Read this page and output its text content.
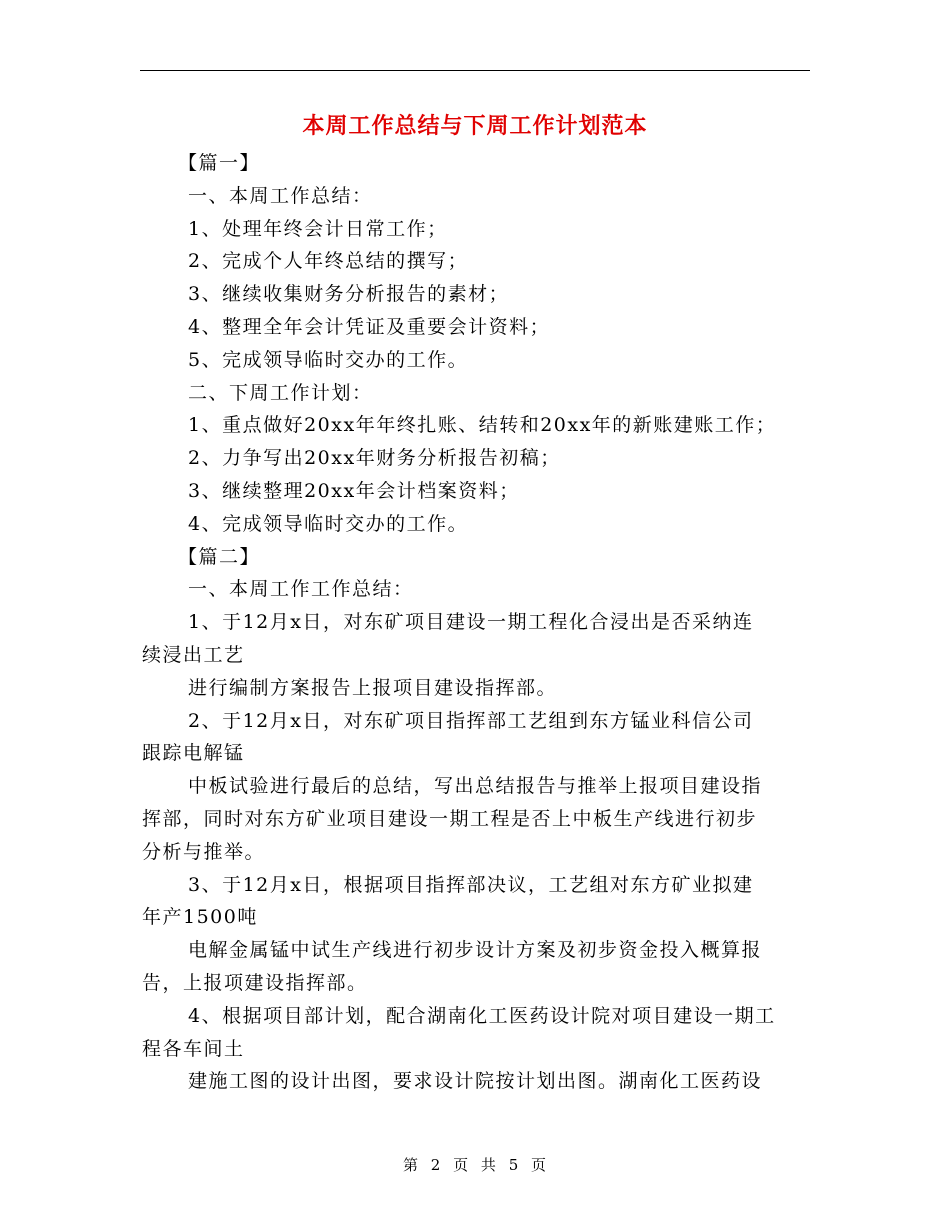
本周工作总结与下周工作计划范本

【篇一】

一、本周工作总结：

1、处理年终会计日常工作；

2、完成个人年终总结的撰写；

3、继续收集财务分析报告的素材；

4、整理全年会计凭证及重要会计资料；

5、完成领导临时交办的工作。

二、下周工作计划：

1、重点做好20xx年年终扎账、结转和20xx年的新账建账工作；

2、力争写出20xx年财务分析报告初稿；

3、继续整理20xx年会计档案资料；

4、完成领导临时交办的工作。

【篇二】

一、本周工作工作总结：

1、于12月x日，对东矿项目建设一期工程化合浸出是否采纳连

续浸出工艺

进行编制方案报告上报项目建设指挥部。

2、于12月x日，对东矿项目指挥部工艺组到东方锰业科信公司

跟踪电解锰

中板试验进行最后的总结，写出总结报告与推举上报项目建设指

挥部，同时对东方矿业项目建设一期工程是否上中板生产线进行初步

分析与推举。

3、于12月x日，根据项目指挥部决议，工艺组对东方矿业拟建

年产1500吨

电解金属锰中试生产线进行初步设计方案及初步资金投入概算报

告，上报项建设指挥部。

4、根据项目部计划，配合湖南化工医药设计院对项目建设一期工

程各车间土

建施工图的设计出图，要求设计院按计划出图。湖南化工医药设

第 2 页 共 5 页
